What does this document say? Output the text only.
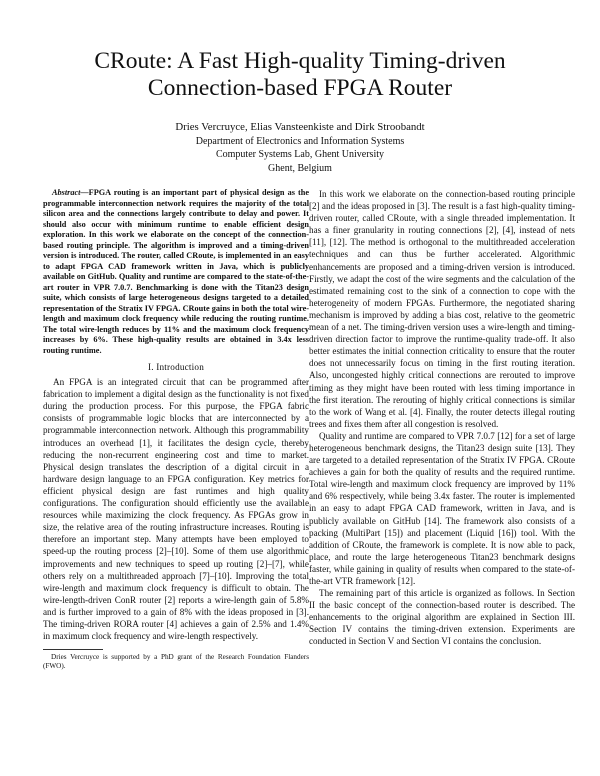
CRoute: A Fast High-quality Timing-driven
Connection-based FPGA Router
Dries Vercruyce, Elias Vansteenkiste and Dirk Stroobandt
Department of Electronics and Information Systems
Computer Systems Lab, Ghent University
Ghent, Belgium

Abstract—FPGA routing is an important part of physical design as the programmable interconnection network requires the majority of the total silicon area and the connections largely contribute to delay and power. It should also occur with minimum runtime to enable efficient design exploration. In this work we elaborate on the concept of the connection-based routing principle. The algorithm is improved and a timing-driven version is introduced. The router, called CRoute, is implemented in an easy to adapt FPGA CAD framework written in Java, which is publicly available on GitHub. Quality and runtime are compared to the state-of-the-art router in VPR 7.0.7. Benchmarking is done with the Titan23 design suite, which consists of large heterogeneous designs targeted to a detailed representation of the Stratix IV FPGA. CRoute gains in both the total wire-length and maximum clock frequency while reducing the routing runtime. The total wire-length reduces by 11% and the maximum clock frequency increases by 6%. These high-quality results are obtained in 3.4x less routing runtime.

I. Introduction

An FPGA is an integrated circuit that can be programmed after fabrication to implement a digital design as the functionality is not fixed during the production process. For this purpose, the FPGA fabric consists of programmable logic blocks that are interconnected by a programmable interconnection network. Although this programmability introduces an overhead [1], it facilitates the design cycle, thereby reducing the non-recurrent engineering cost and time to market. Physical design translates the description of a digital circuit in a hardware design language to an FPGA configuration. Key metrics for efficient physical design are fast runtimes and high quality configurations. The configuration should efficiently use the available resources while maximizing the clock frequency. As FPGAs grow in size, the relative area of the routing infrastructure increases. Routing is therefore an important step. Many attempts have been employed to speed-up the routing process [2]–[10]. Some of them use algorithmic improvements and new techniques to speed up routing [2]–[7], while others rely on a multithreaded approach [7]–[10]. Improving the total wire-length and maximum clock frequency is difficult to obtain. The wire-length-driven ConR router [2] reports a wire-length gain of 5.8% and is further improved to a gain of 8% with the ideas proposed in [3]. The timing-driven RORA router [4] achieves a gain of 2.5% and 1.4% in maximum clock frequency and wire-length respectively.

Dries Vercruyce is supported by a PhD grant of the Research Foundation Flanders (FWO).

In this work we elaborate on the connection-based routing principle [2] and the ideas proposed in [3]. The result is a fast high-quality timing-driven router, called CRoute, with a single threaded implementation. It has a finer granularity in routing connections [2], [4], instead of nets [11], [12]. The method is orthogonal to the multithreaded acceleration techniques and can thus be further accelerated. Algorithmic enhancements are proposed and a timing-driven version is introduced. Firstly, we adapt the cost of the wire segments and the calculation of the estimated remaining cost to the sink of a connection to cope with the heterogeneity of modern FPGAs. Furthermore, the negotiated sharing mechanism is improved by adding a bias cost, relative to the geometric mean of a net. The timing-driven version uses a wire-length and timing-driven direction factor to improve the runtime-quality trade-off. It also better estimates the initial connection criticality to ensure that the router does not unnecessarily focus on timing in the first routing iteration. Also, uncongested highly critical connections are rerouted to improve timing as they might have been routed with less timing importance in the first iteration. The rerouting of highly critical connections is similar to the work of Wang et al. [4]. Finally, the router detects illegal routing trees and fixes them after all congestion is resolved.

Quality and runtime are compared to VPR 7.0.7 [12] for a set of large heterogeneous benchmark designs, the Titan23 design suite [13]. They are targeted to a detailed representation of the Stratix IV FPGA. CRoute achieves a gain for both the quality of results and the required runtime. Total wire-length and maximum clock frequency are improved by 11% and 6% respectively, while being 3.4x faster. The router is implemented in an easy to adapt FPGA CAD framework, written in Java, and is publicly available on GitHub [14]. The framework also consists of a packing (MultiPart [15]) and placement (Liquid [16]) tool. With the addition of CRoute, the framework is complete. It is now able to pack, place, and route the large heterogeneous Titan23 benchmark designs faster, while gaining in quality of results when compared to the state-of-the-art VTR framework [12].

The remaining part of this article is organized as follows. In Section II the basic concept of the connection-based router is described. The enhancements to the original algorithm are explained in Section III. Section IV contains the timing-driven extension. Experiments are conducted in Section V and Section VI contains the conclusion.
